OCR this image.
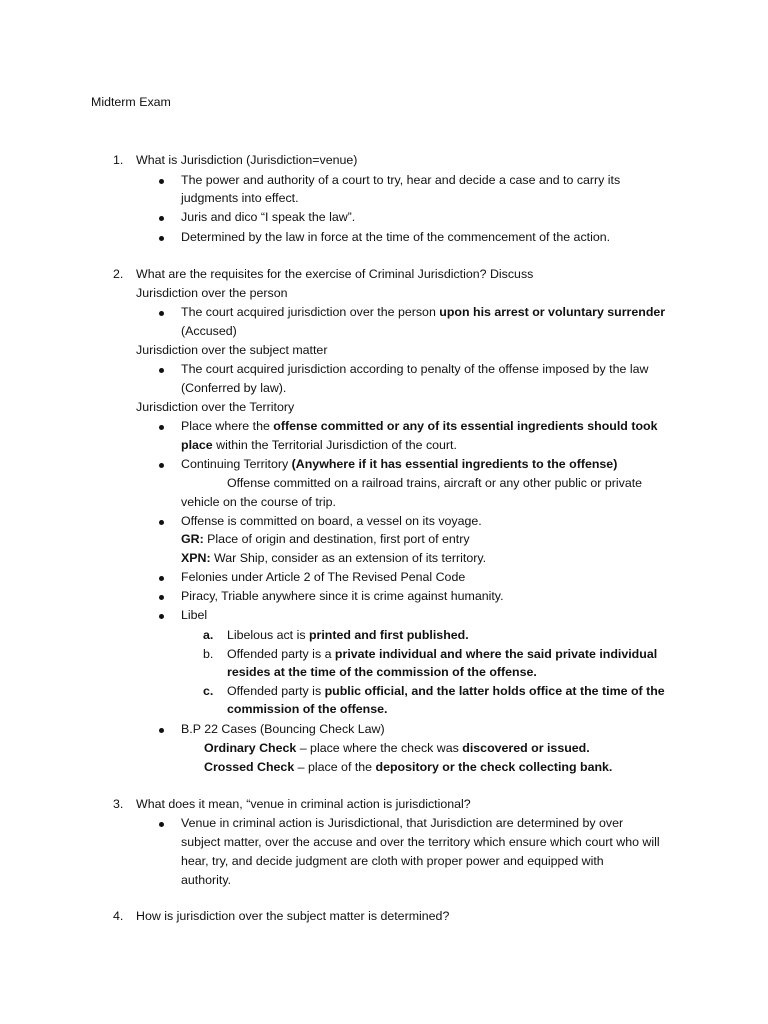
Midterm Exam
1. What is Jurisdiction (Jurisdiction=venue)
The power and authority of a court to try, hear and decide a case and to carry its
judgments into effect.
Juris and dico “I speak the law”.
Determined by the law in force at the time of the commencement of the action.
2. What are the requisites for the exercise of Criminal Jurisdiction? Discuss
Jurisdiction over the person
The court acquired jurisdiction over the person upon his arrest or voluntary surrender
(Accused)
Jurisdiction over the subject matter
The court acquired jurisdiction according to penalty of the offense imposed by the law
(Conferred by law).
Jurisdiction over the Territory
Place where the offense committed or any of its essential ingredients should took
place within the Territorial Jurisdiction of the court.
Continuing Territory (Anywhere if it has essential ingredients to the offense)
Offense committed on a railroad trains, aircraft or any other public or private
vehicle on the course of trip.
Offense is committed on board, a vessel on its voyage.
GR: Place of origin and destination, first port of entry
XPN: War Ship, consider as an extension of its territory.
Felonies under Article 2 of The Revised Penal Code
Piracy, Triable anywhere since it is crime against humanity.
Libel
a. Libelous act is printed and first published.
b. Offended party is a private individual and where the said private individual
resides at the time of the commission of the offense.
c. Offended party is public official, and the latter holds office at the time of the
commission of the offense.
B.P 22 Cases (Bouncing Check Law)
Ordinary Check – place where the check was discovered or issued.
Crossed Check – place of the depository or the check collecting bank.
3. What does it mean, “venue in criminal action is jurisdictional?
Venue in criminal action is Jurisdictional, that Jurisdiction are determined by over
subject matter, over the accuse and over the territory which ensure which court who will
hear, try, and decide judgment are cloth with proper power and equipped with
authority.
4. How is jurisdiction over the subject matter is determined?
